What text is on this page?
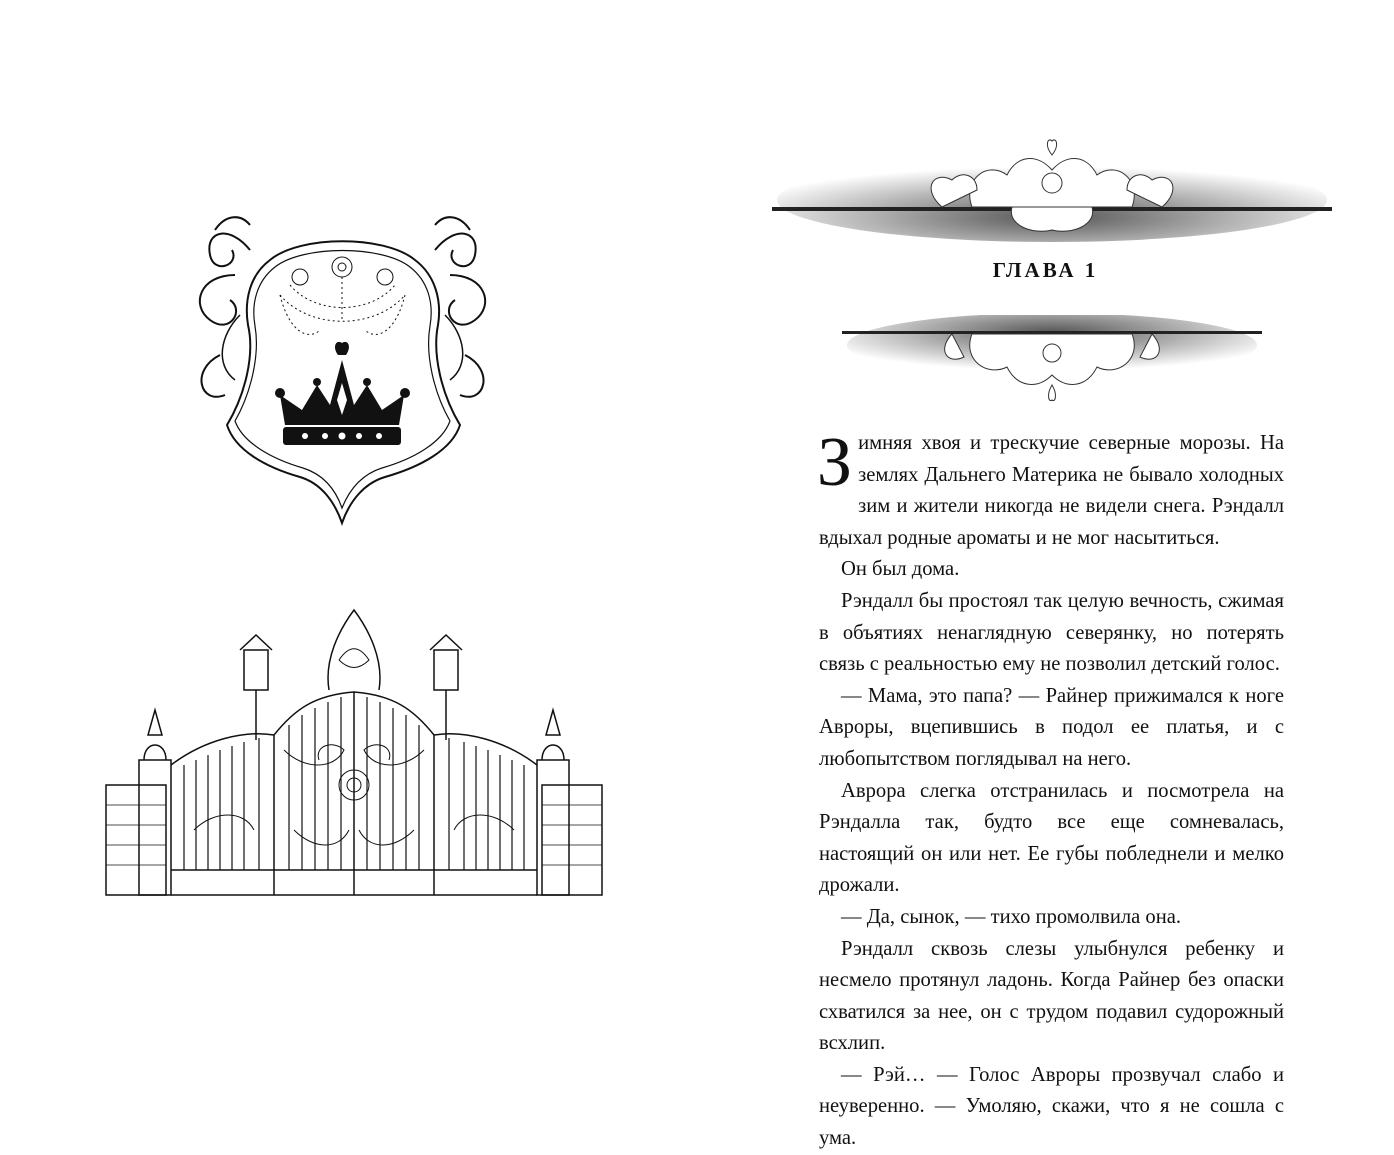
ГЛАВА 1

Зимняя хвоя и трескучие северные морозы. На землях Дальнего Материка не бывало холодных зим и жители никогда не видели снега. Рэндалл вдыхал родные ароматы и не мог насытиться.

Он был дома.

Рэндалл бы простоял так целую вечность, сжимая в объятиях ненаглядную северянку, но потерять связь с реальностью ему не позволил детский голос.

— Мама, это папа? — Райнер прижимался к ноге Авроры, вцепившись в подол ее платья, и с любопытством поглядывал на него.

Аврора слегка отстранилась и посмотрела на Рэндалла так, будто все еще сомневалась, настоящий он или нет. Ее губы побледнели и мелко дрожали.

— Да, сынок, — тихо промолвила она.

Рэндалл сквозь слезы улыбнулся ребенку и несмело протянул ладонь. Когда Райнер без опаски схватился за нее, он с трудом подавил судорожный всхлип.

— Рэй… — Голос Авроры прозвучал слабо и неуверенно. — Умоляю, скажи, что я не сошла с ума.
